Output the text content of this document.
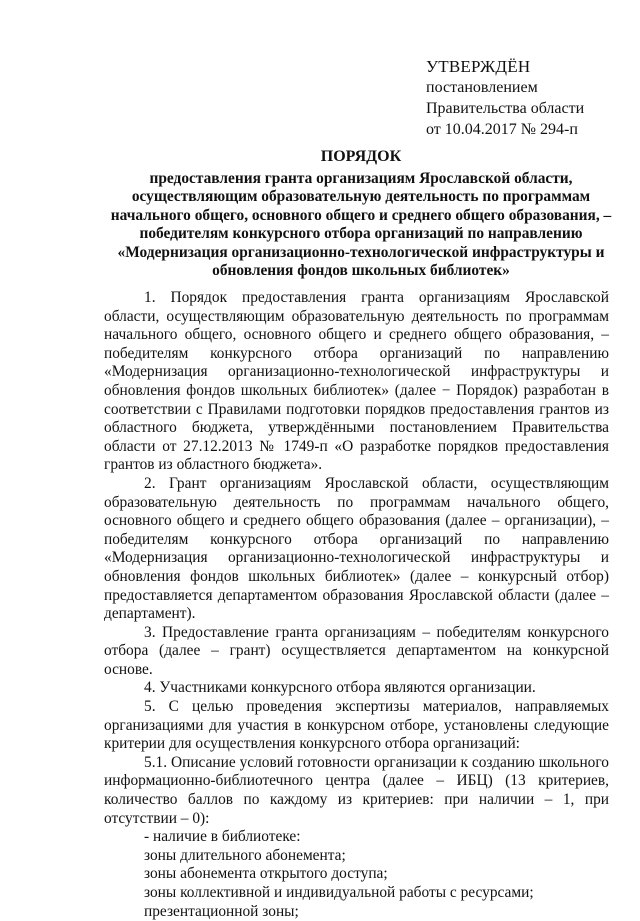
УТВЕРЖДЁН
постановлением
Правительства области
от 10.04.2017 № 294-п
ПОРЯДОК
предоставления гранта организациям Ярославской области, осуществляющим образовательную деятельность по программам начального общего, основного общего и среднего общего образования, – победителям конкурсного отбора организаций по направлению «Модернизация организационно-технологической инфраструктуры и обновления фондов школьных библиотек»

1. Порядок предоставления гранта организациям Ярославской области, осуществляющим образовательную деятельность по программам начального общего, основного общего и среднего общего образования, – победителям конкурсного отбора организаций по направлению «Модернизация организационно-технологической инфраструктуры и обновления фондов школьных библиотек» (далее − Порядок) разработан в соответствии с Правилами подготовки порядков предоставления грантов из областного бюджета, утверждёнными постановлением Правительства области от 27.12.2013 № 1749-п «О разработке порядков предоставления грантов из областного бюджета».

2. Грант организациям Ярославской области, осуществляющим образовательную деятельность по программам начального общего, основного общего и среднего общего образования (далее – организации), – победителям конкурсного отбора организаций по направлению «Модернизация организационно-технологической инфраструктуры и обновления фондов школьных библиотек» (далее – конкурсный отбор) предоставляется департаментом образования Ярославской области (далее – департамент).

3. Предоставление гранта организациям – победителям конкурсного отбора (далее – грант) осуществляется департаментом на конкурсной основе.

4. Участниками конкурсного отбора являются организации.

5. С целью проведения экспертизы материалов, направляемых организациями для участия в конкурсном отборе, установлены следующие критерии для осуществления конкурсного отбора организаций:

5.1. Описание условий готовности организации к созданию школьного информационно-библиотечного центра (далее – ИБЦ) (13 критериев, количество баллов по каждому из критериев: при наличии – 1, при отсутствии – 0):

- наличие в библиотеке:

зоны длительного абонемента;

зоны абонемента открытого доступа;

зоны коллективной и индивидуальной работы с ресурсами;

презентационной зоны;
